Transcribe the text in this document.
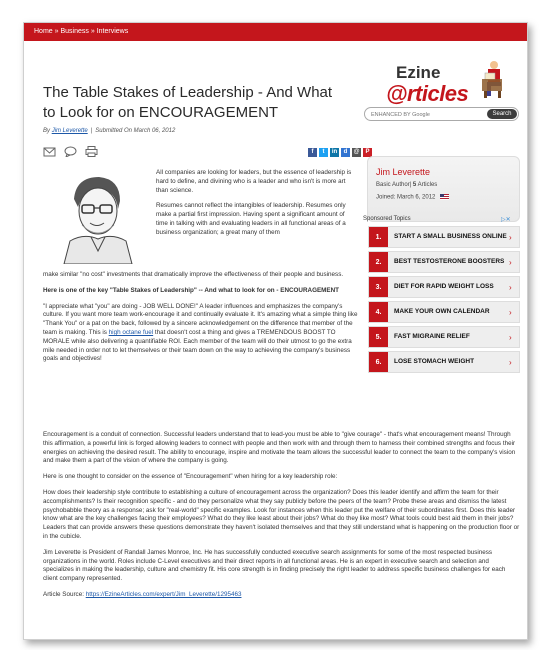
Home » Business » Interviews
Ezine
@rticles
ENHANCED BY Google
Search
The Table Stakes of Leadership - And What to Look for on ENCOURAGEMENT
By Jim Leverette | Submitted On March 06, 2012
f	t	in	d	@	P
Jim Leverette
Basic Author| 5 Articles
Joined: March 6, 2012
Sponsored Topics	▷✕
1.	START A SMALL BUSINESS ONLINE ›
2.	BEST TESTOSTERONE BOOSTERS ›
3.	DIET FOR RAPID WEIGHT LOSS	›
4.	MAKE YOUR OWN CALENDAR	›
5.	FAST MIGRAINE RELIEF	›
6.	LOSE STOMACH WEIGHT	›

All companies are looking for leaders, but the essence of leadership is hard to define, and divining who is a leader and who isn't is more art than science.

Resumes cannot reflect the intangibles of leadership. Resumes only make a partial first impression. Having spent a significant amount of time in talking with and evaluating leaders in all functional areas of a business organization; a great many of them

make similar "no cost" investments that dramatically improve the effectiveness of their people and business.

Here is one of the key "Table Stakes of Leadership" -- And what to look for on - ENCOURAGEMENT

"I appreciate what "you" are doing - JOB WELL DONE!" A leader influences and emphasizes the company's culture. If you want more team work-encourage it and continually evaluate it. It's amazing what a simple thing like "Thank You" or a pat on the back, followed by a sincere acknowledgement on the difference that member of the team is making. This is high octane fuel that doesn't cost a thing and gives a TREMENDOUS BOOST TO MORALE while also delivering a quantifiable ROI. Each member of the team will do their utmost to go the extra mile needed in order not to let themselves or their team down on the way to achieving the company's business goals and objectives!

Encouragement is a conduit of connection. Successful leaders understand that to lead-you must be able to "give courage" - that's what encouragement means! Through this affirmation, a powerful link is forged allowing leaders to connect with people and then work with and through them to harness their combined strengths and focus their energies on achieving the desired result. The ability to encourage, inspire and motivate the team allows the successful leader to connect the team to the company's vision and make them a part of the vision of where the company is going.

Here is one thought to consider on the essence of "Encouragement" when hiring for a key leadership role:

How does their leadership style contribute to establishing a culture of encouragement across the organization? Does this leader identify and affirm the team for their accomplishments? Is their recognition specific - and do they personalize what they say publicly before the peers of the team? Probe these areas and dismiss the latest psychobabble theory as a response; ask for "real-world" specific examples. Look for instances when this leader put the welfare of their subordinates first. Does this leader know what are the key challenges facing their employees? What do they like least about their jobs? What do they like most? What tools could best aid them in their jobs? Leaders that can provide answers these questions demonstrate they haven't isolated themselves and that they still understand what is happening on the production floor or in the cubicle.

Jim Leverette is President of Randall James Monroe, Inc. He has successfully conducted executive search assignments for some of the most respected business organizations in the world. Roles include C-Level executives and their direct reports in all functional areas. He is an expert in executive search and selection and specializes in making the leadership, culture and chemistry fit. His core strength is in finding precisely the right leader to address specific business challenges for each client company represented.

Article Source: https://EzineArticles.com/expert/Jim_Leverette/1295463
